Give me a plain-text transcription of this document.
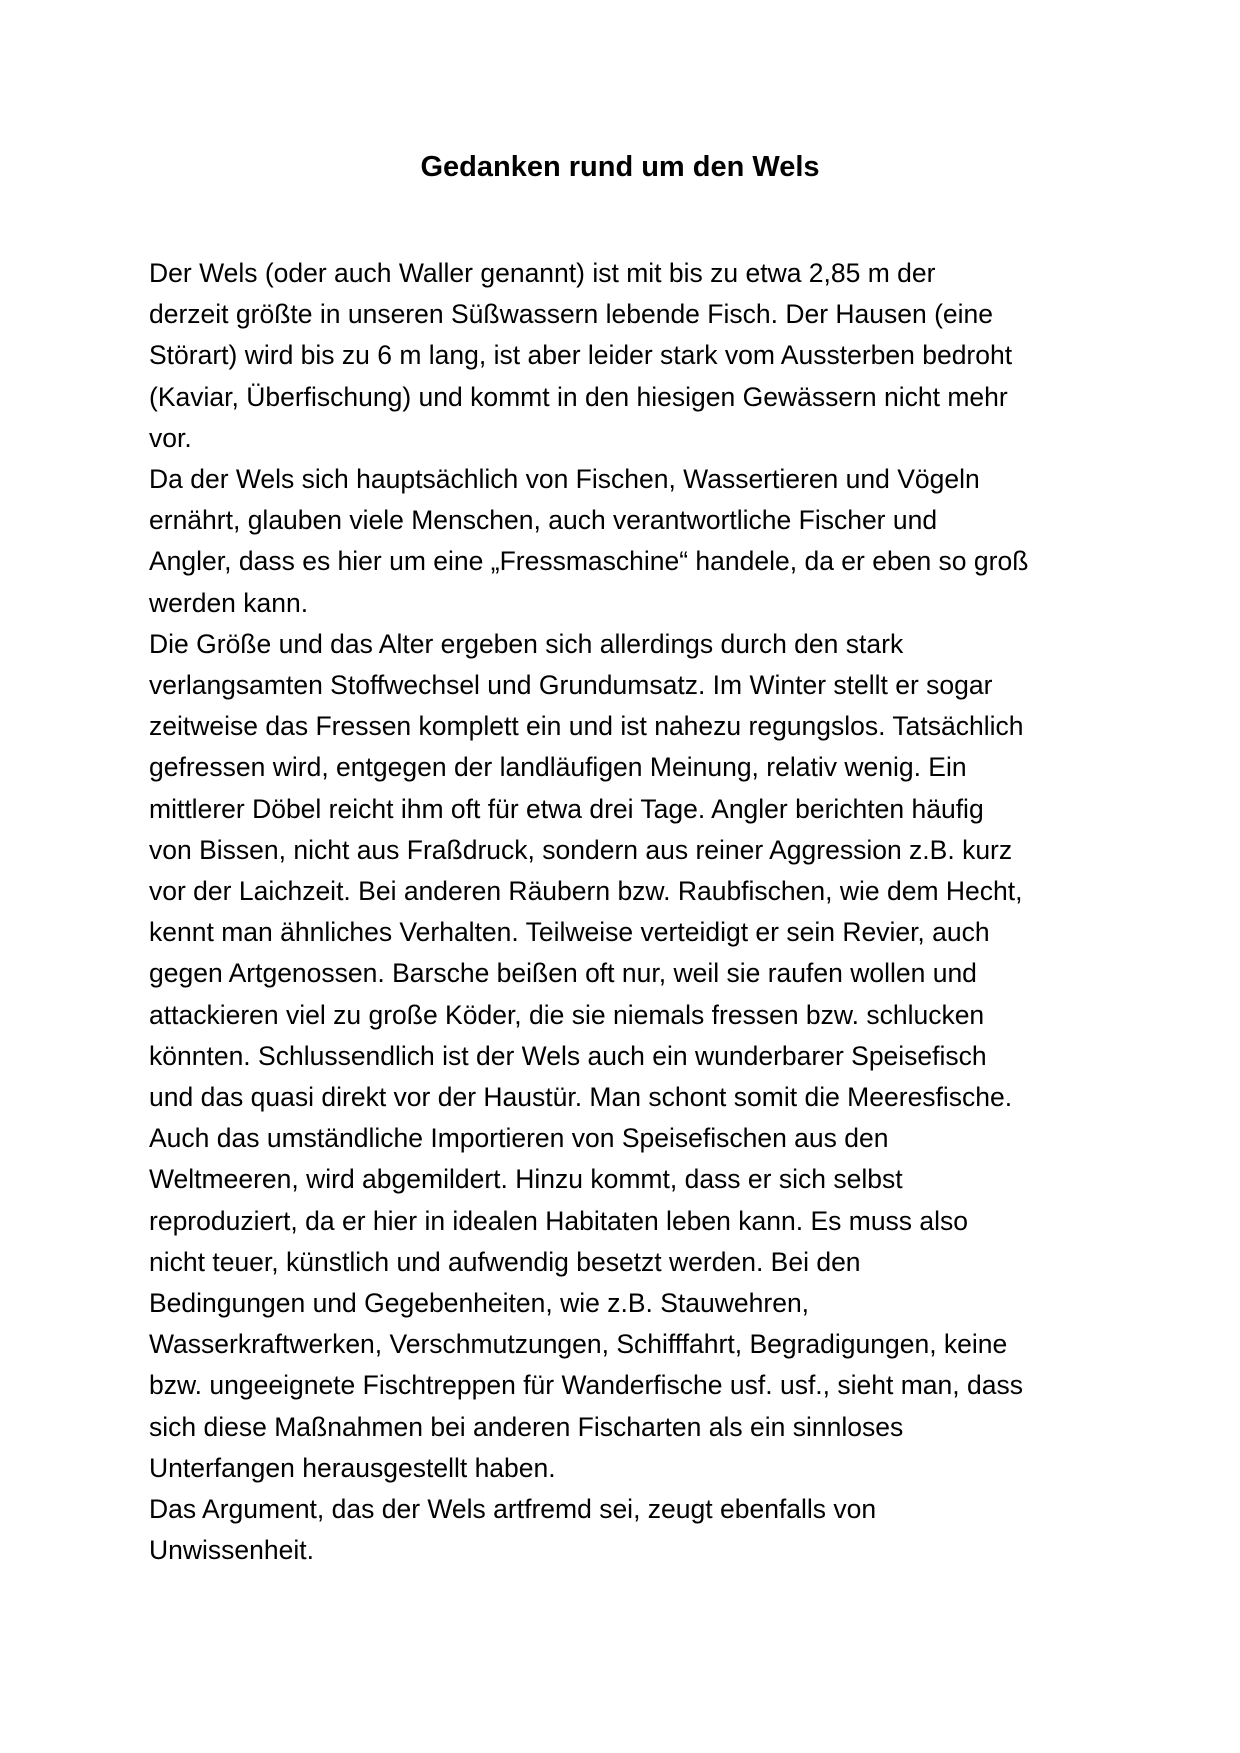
Gedanken rund um den Wels
Der Wels (oder auch Waller genannt) ist mit bis zu etwa 2,85 m der
derzeit größte in unseren Süßwassern lebende Fisch. Der Hausen (eine
Störart) wird bis zu 6 m lang, ist aber leider stark vom Aussterben bedroht
(Kaviar, Überfischung) und kommt in den hiesigen Gewässern nicht mehr
vor.
Da der Wels sich hauptsächlich von Fischen, Wassertieren und Vögeln
ernährt, glauben viele Menschen, auch verantwortliche Fischer und
Angler, dass es hier um eine „Fressmaschine“ handele, da er eben so groß
werden kann.
Die Größe und das Alter ergeben sich allerdings durch den stark
verlangsamten Stoffwechsel und Grundumsatz. Im Winter stellt er sogar
zeitweise das Fressen komplett ein und ist nahezu regungslos. Tatsächlich
gefressen wird, entgegen der landläufigen Meinung, relativ wenig. Ein
mittlerer Döbel reicht ihm oft für etwa drei Tage. Angler berichten häufig
von Bissen, nicht aus Fraßdruck, sondern aus reiner Aggression z.B. kurz
vor der Laichzeit. Bei anderen Räubern bzw. Raubfischen, wie dem Hecht,
kennt man ähnliches Verhalten. Teilweise verteidigt er sein Revier, auch
gegen Artgenossen. Barsche beißen oft nur, weil sie raufen wollen und
attackieren viel zu große Köder, die sie niemals fressen bzw. schlucken
könnten. Schlussendlich ist der Wels auch ein wunderbarer Speisefisch
und das quasi direkt vor der Haustür. Man schont somit die Meeresfische.
Auch das umständliche Importieren von Speisefischen aus den
Weltmeeren, wird abgemildert. Hinzu kommt, dass er sich selbst
reproduziert, da er hier in idealen Habitaten leben kann. Es muss also
nicht teuer, künstlich und aufwendig besetzt werden. Bei den
Bedingungen und Gegebenheiten, wie z.B. Stauwehren,
Wasserkraftwerken, Verschmutzungen, Schifffahrt, Begradigungen, keine
bzw. ungeeignete Fischtreppen für Wanderfische usf. usf., sieht man, dass
sich diese Maßnahmen bei anderen Fischarten als ein sinnloses
Unterfangen herausgestellt haben.
Das Argument, das der Wels artfremd sei, zeugt ebenfalls von
Unwissenheit.
